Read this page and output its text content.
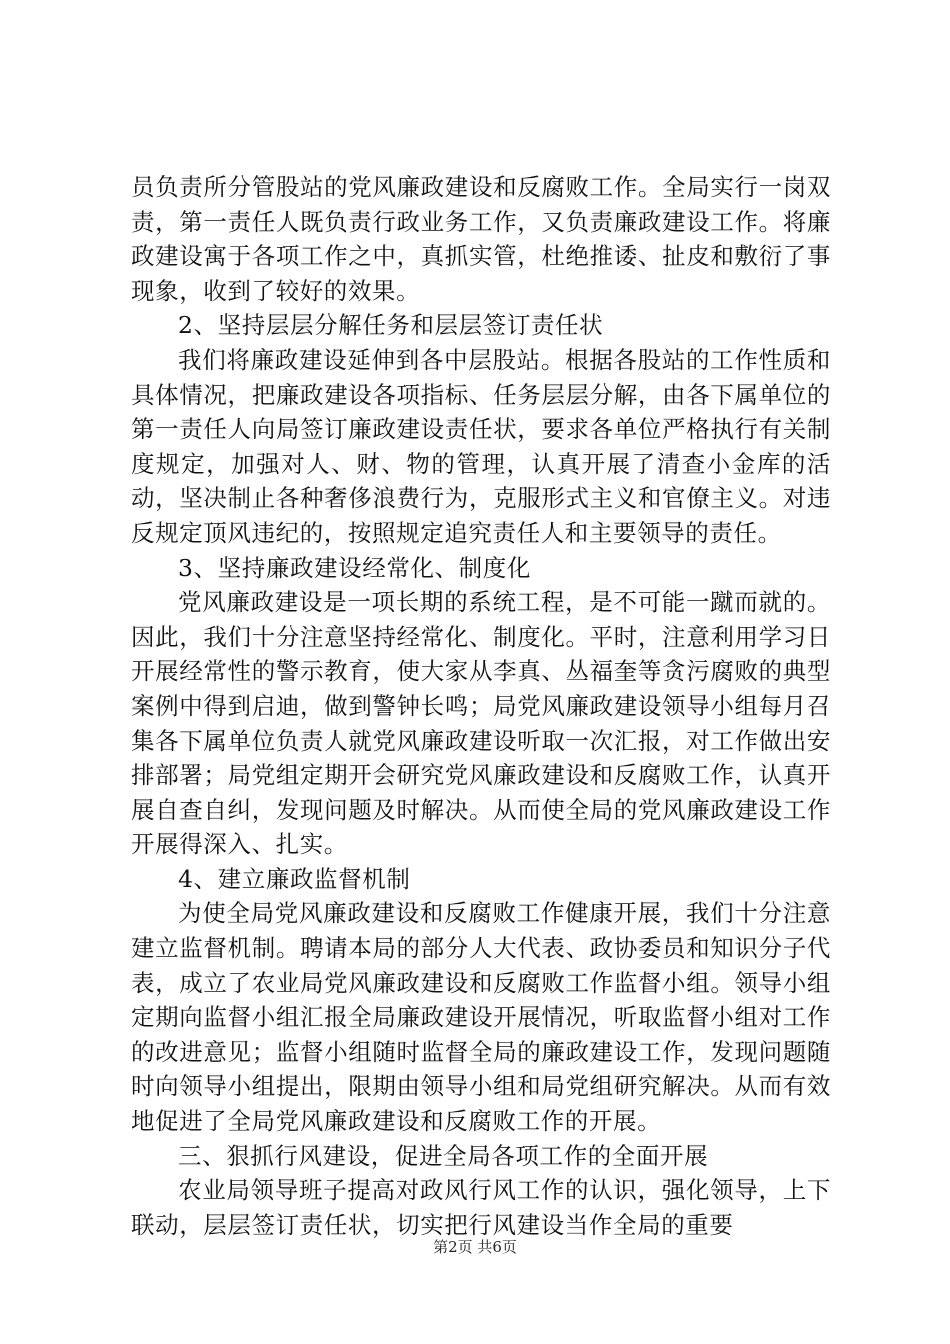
员负责所分管股站的党风廉政建设和反腐败工作。全局实行一岗双责，第一责任人既负责行政业务工作，又负责廉政建设工作。将廉政建设寓于各项工作之中，真抓实管，杜绝推诿、扯皮和敷衍了事现象，收到了较好的效果。

2、坚持层层分解任务和层层签订责任状

我们将廉政建设延伸到各中层股站。根据各股站的工作性质和具体情况，把廉政建设各项指标、任务层层分解，由各下属单位的第一责任人向局签订廉政建设责任状，要求各单位严格执行有关制度规定，加强对人、财、物的管理，认真开展了清查小金库的活动，坚决制止各种奢侈浪费行为，克服形式主义和官僚主义。对违反规定顶风违纪的，按照规定追究责任人和主要领导的责任。

3、坚持廉政建设经常化、制度化

党风廉政建设是一项长期的系统工程，是不可能一蹴而就的。因此，我们十分注意坚持经常化、制度化。平时，注意利用学习日开展经常性的警示教育，使大家从李真、丛福奎等贪污腐败的典型案例中得到启迪，做到警钟长鸣；局党风廉政建设领导小组每月召集各下属单位负责人就党风廉政建设听取一次汇报，对工作做出安排部署；局党组定期开会研究党风廉政建设和反腐败工作，认真开展自查自纠，发现问题及时解决。从而使全局的党风廉政建设工作开展得深入、扎实。

4、建立廉政监督机制

为使全局党风廉政建设和反腐败工作健康开展，我们十分注意建立监督机制。聘请本局的部分人大代表、政协委员和知识分子代表，成立了农业局党风廉政建设和反腐败工作监督小组。领导小组定期向监督小组汇报全局廉政建设开展情况，听取监督小组对工作的改进意见；监督小组随时监督全局的廉政建设工作，发现问题随时向领导小组提出，限期由领导小组和局党组研究解决。从而有效地促进了全局党风廉政建设和反腐败工作的开展。

三、狠抓行风建设，促进全局各项工作的全面开展

农业局领导班子提高对政风行风工作的认识，强化领导，上下联动，层层签订责任状，切实把行风建设当作全局的重要

第2页 共6页
